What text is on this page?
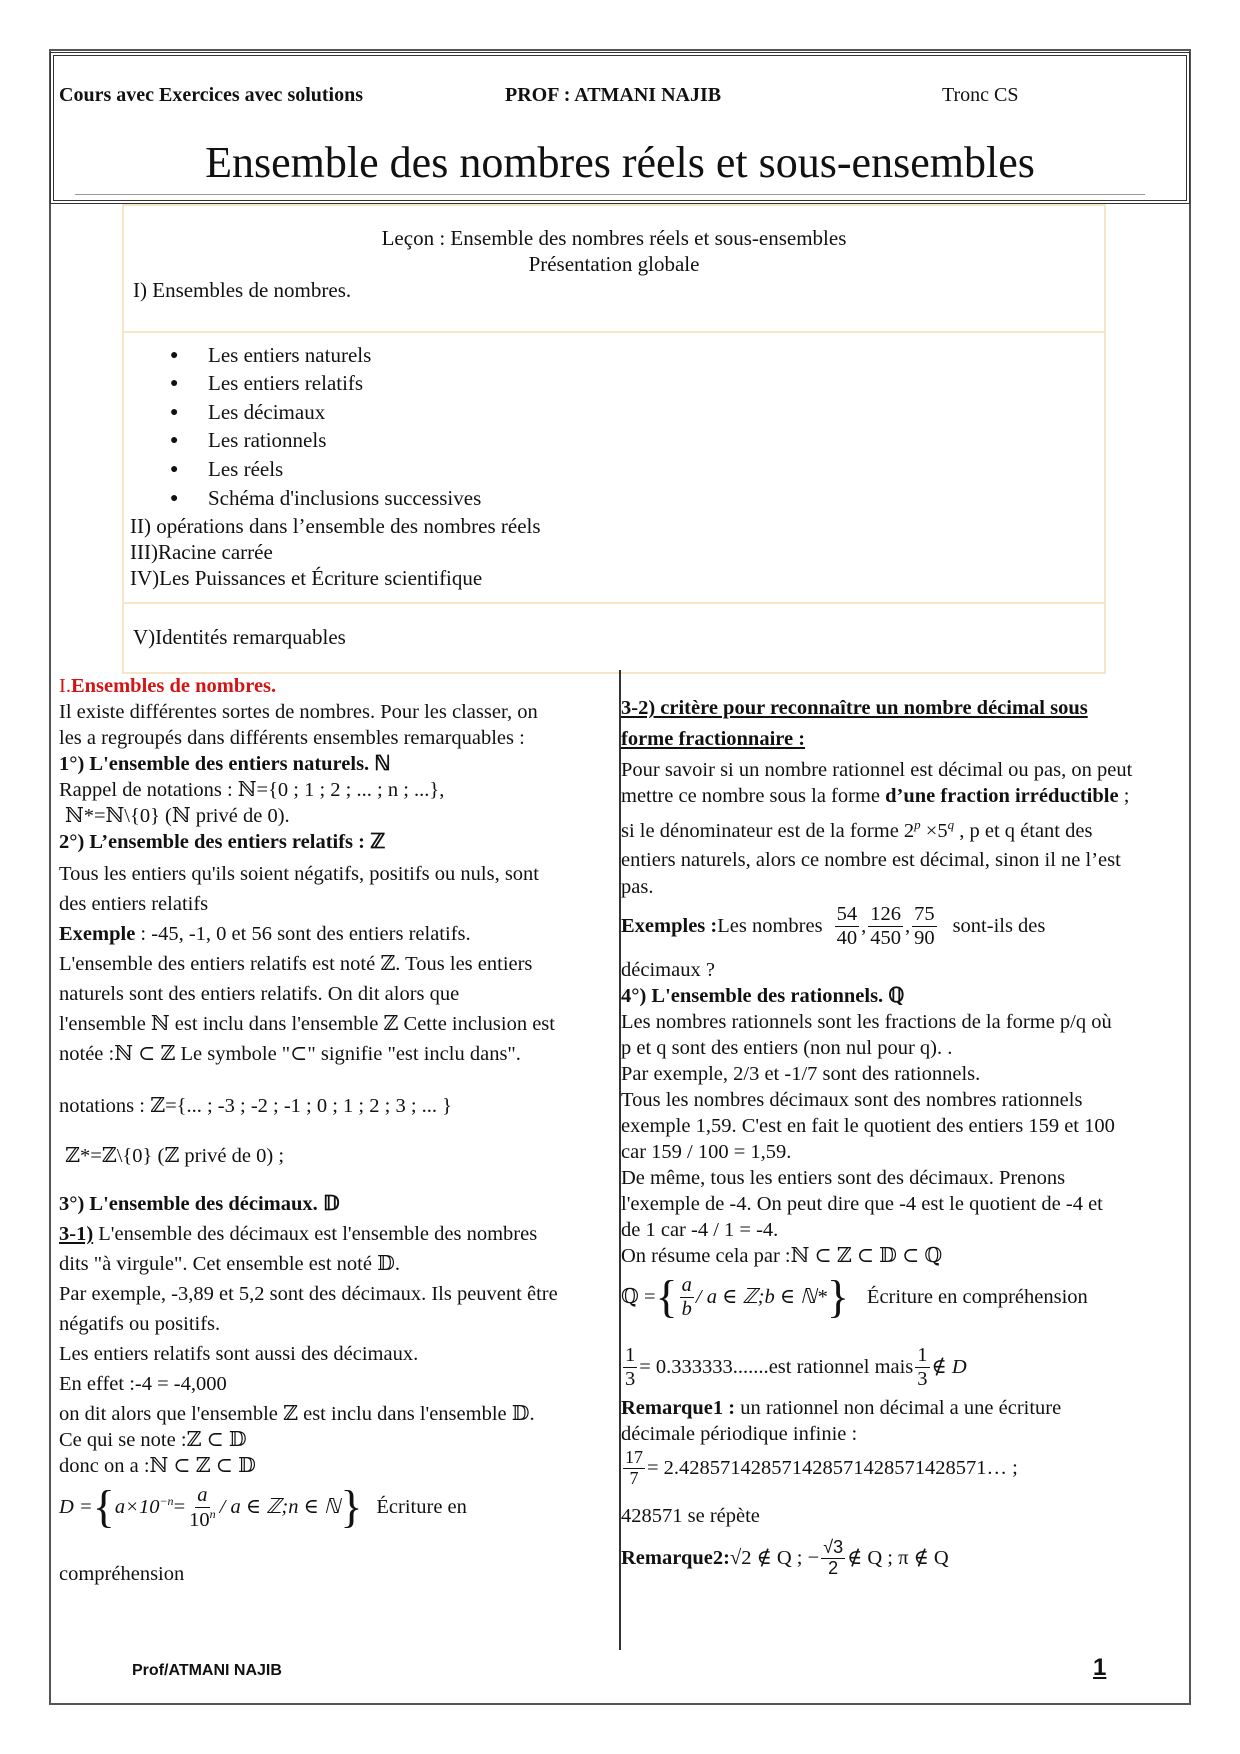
Cours avec Exercices avec solutions	PROF : ATMANI NAJIB	Tronc CS
Ensemble des nombres réels et sous-ensembles
Leçon : Ensemble des nombres réels et sous-ensembles
Présentation globale
I) Ensembles de nombres.
● Les entiers naturels
● Les entiers relatifs
● Les décimaux
● Les rationnels
● Les réels
● Schéma d'inclusions successives
II) opérations dans l’ensemble des nombres réels
III)Racine carrée
IV)Les Puissances et Écriture scientifique
V)Identités remarquables
I.Ensembles de nombres.
Il existe différentes sortes de nombres. Pour les classer, on
les a regroupés dans différents ensembles remarquables :
1°) L'ensemble des entiers naturels. ℕ
Rappel de notations : ℕ={0 ; 1 ; 2 ; ... ; n ; ...},
ℕ*=ℕ\{0} (ℕ privé de 0).
2°) L’ensemble des entiers relatifs : ℤ
Tous les entiers qu'ils soient négatifs, positifs ou nuls, sont
des entiers relatifs
Exemple : -45, -1, 0 et 56 sont des entiers relatifs.
L'ensemble des entiers relatifs est noté ℤ. Tous les entiers
naturels sont des entiers relatifs. On dit alors que
l'ensemble ℕ est inclu dans l'ensemble ℤ Cette inclusion est
notée :ℕ ⊂ ℤ Le symbole "⊂" signifie "est inclu dans".
notations : ℤ={... ; -3 ; -2 ; -1 ; 0 ; 1 ; 2 ; 3 ; ... }
ℤ*=ℤ\{0} (ℤ privé de 0) ;
3°) L'ensemble des décimaux. 𝔻
3-1) L'ensemble des décimaux est l'ensemble des nombres
dits "à virgule". Cet ensemble est noté 𝔻.
Par exemple, -3,89 et 5,2 sont des décimaux. Ils peuvent être
négatifs ou positifs.
Les entiers relatifs sont aussi des décimaux.
En effet :-4 = -4,000
on dit alors que l'ensemble ℤ est inclu dans l'ensemble 𝔻.
Ce qui se note :ℤ ⊂ 𝔻
donc on a :ℕ ⊂ ℤ ⊂ 𝔻
D = { $a\times 10^{-n} = \frac{a}{10^n} / a$ ∈ ℤ;n ∈ ℕ } Écriture en
compréhension
3-2) critère pour reconnaître un nombre décimal sous
forme fractionnaire :
Pour savoir si un nombre rationnel est décimal ou pas, on peut
mettre ce nombre sous la forme d’une fraction irréductible ;
si le dénominateur est de la forme $2^p \times 5^q$ , p et q étant des
entiers naturels, alors ce nombre est décimal, sinon il ne l’est
pas.
Exemples : Les nombres $\frac{54}{40}$ , $\frac{126}{450}$ , $\frac{75}{90}$ sont-ils des
décimaux ?
4°) L'ensemble des rationnels. ℚ
Les nombres rationnels sont les fractions de la forme p/q où
p et q sont des entiers (non nul pour q). .
Par exemple, 2/3 et -1/7 sont des rationnels.
Tous les nombres décimaux sont des nombres rationnels
exemple 1,59. C'est en fait le quotient des entiers 159 et 100
car 159 / 100 = 1,59.
De même, tous les entiers sont des décimaux. Prenons
l'exemple de -4. On peut dire que -4 est le quotient de -4 et
de 1 car -4 / 1 = -4.
On résume cela par :ℕ ⊂ ℤ ⊂ 𝔻 ⊂ ℚ
ℚ = { $\frac{a}{b}$ / a ∈ ℤ;b ∈ ℕ* } Écriture en compréhension
$\frac{1}{3} = 0.333333$....... est rationnel mais $\frac{1}{3}$ ∉ D
Remarque1 : un rationnel non décimal a une écriture
décimale périodique infinie :
$\frac{17}{7}$ = 2.428571428571428571428571428571… ;
428571 se répète
Remarque2: √2 ∉ Q ; − $\frac{√3}{2}$ ∉ Q ; π ∉ Q
Prof/ATMANI NAJIB	1
